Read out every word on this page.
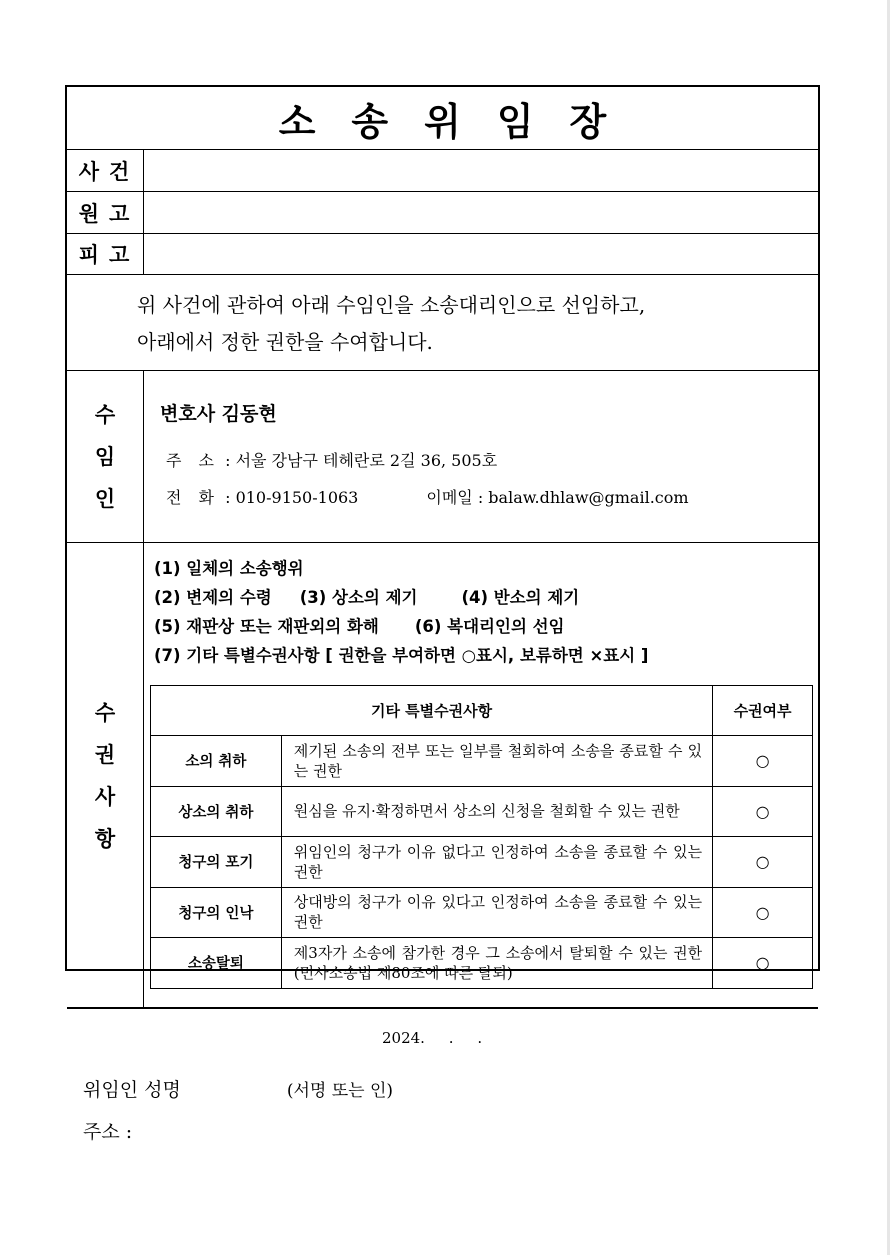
소송위임장
사건
원고
피고
위 사건에 관하여 아래 수임인을 소송대리인으로 선임하고,
아래에서 정한 권한을 수여합니다.
수
임
인
변호사 김동현
주 소 : 서울 강남구 테헤란로 2길 36, 505호
전 화 : 010-9150-1063	이메일 : balaw.dhlaw@gmail.com
수
권
사
항
(1) 일체의 소송행위
(2) 변제의 수령 (3) 상소의 제기	(4) 반소의 제기
(5) 재판상 또는 재판외의 화해 (6) 복대리인의 선임
(7) 기타 특별수권사항 [ 권한을 부여하면 ○표시, 보류하면 ×표시 ]
기타 특별수권사항		수권여부
소의 취하	제기된 소송의 전부 또는 일부를 철회하여 소송을 종료할 수 있는 권한	○
상소의 취하	원심을 유지·확정하면서 상소의 신청을 철회할 수 있는 권한	○
청구의 포기	위임인의 청구가 이유 없다고 인정하여 소송을 종료할 수 있는 권한	○
청구의 인낙	상대방의 청구가 이유 있다고 인정하여 소송을 종료할 수 있는 권한	○
소송탈퇴	제3자가 소송에 참가한 경우 그 소송에서 탈퇴할 수 있는 권한(민사소송법 제80조에 따른 탈퇴)	○
2024.     .     .
위임인 성명	(서명 또는 인)
주소 :
